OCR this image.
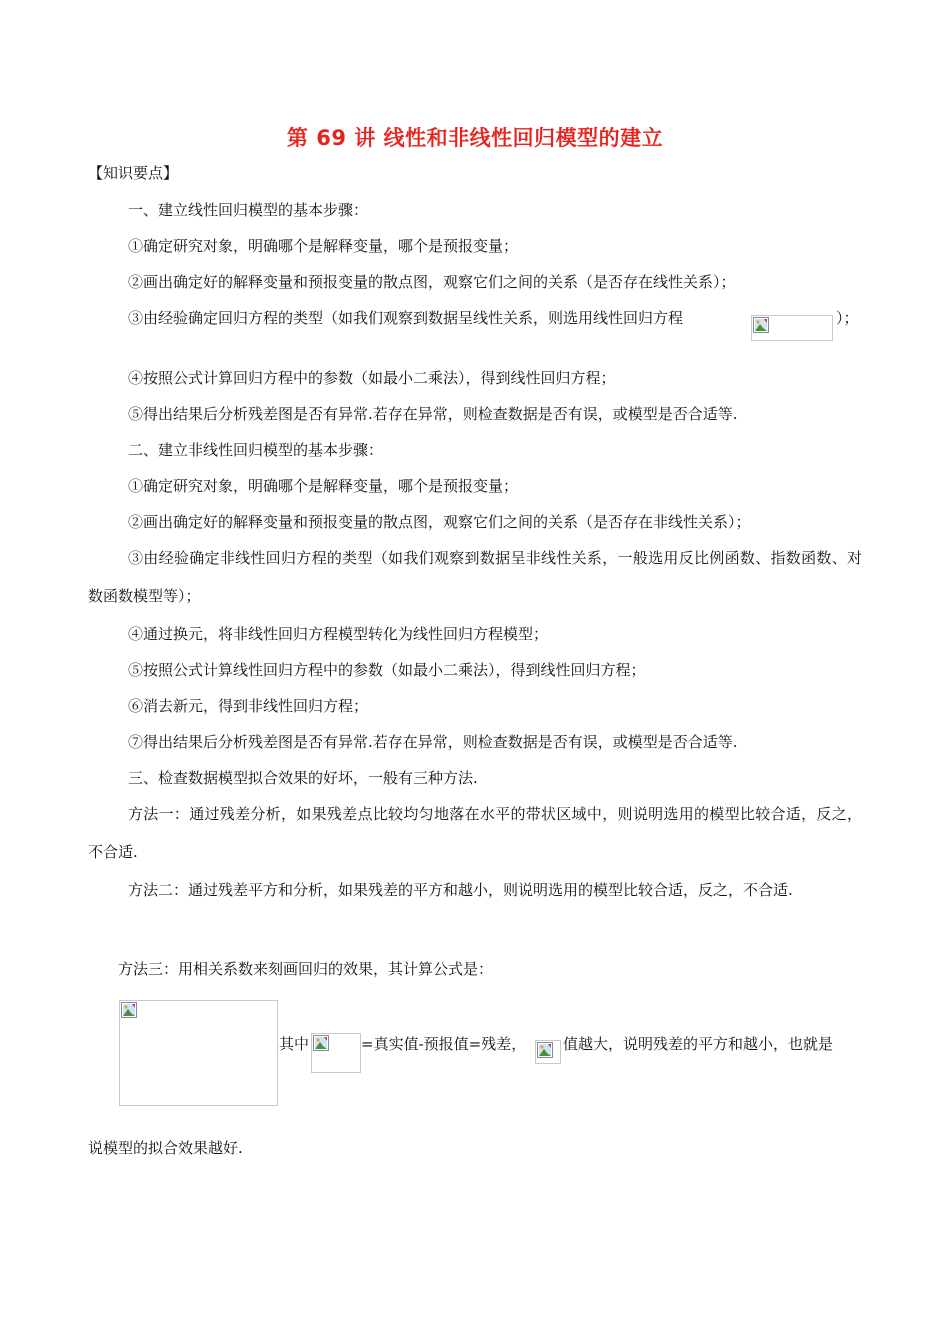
第 69 讲 线性和非线性回归模型的建立
【知识要点】
一、建立线性回归模型的基本步骤：
①确定研究对象，明确哪个是解释变量，哪个是预报变量；
②画出确定好的解释变量和预报变量的散点图，观察它们之间的关系（是否存在线性关系）；
③由经验确定回归方程的类型（如我们观察到数据呈线性关系，则选用线性回归方程	）；
④按照公式计算回归方程中的参数（如最小二乘法），得到线性回归方程；
⑤得出结果后分析残差图是否有异常.若存在异常，则检查数据是否有误，或模型是否合适等.
二、建立非线性回归模型的基本步骤：
①确定研究对象，明确哪个是解释变量，哪个是预报变量；
②画出确定好的解释变量和预报变量的散点图，观察它们之间的关系（是否存在非线性关系）；
③由经验确定非线性回归方程的类型（如我们观察到数据呈非线性关系，一般选用反比例函数、指数函数、对数函数模型等）；
④通过换元，将非线性回归方程模型转化为线性回归方程模型；
⑤按照公式计算线性回归方程中的参数（如最小二乘法），得到线性回归方程；
⑥消去新元，得到非线性回归方程；
⑦得出结果后分析残差图是否有异常.若存在异常，则检查数据是否有误，或模型是否合适等.
三、检查数据模型拟合效果的好坏，一般有三种方法.
方法一：通过残差分析，如果残差点比较均匀地落在水平的带状区域中，则说明选用的模型比较合适，反之，不合适.
方法二：通过残差平方和分析，如果残差的平方和越小，则说明选用的模型比较合适，反之，不合适.
方法三：用相关系数来刻画回归的效果，其计算公式是：
其中	=真实值-预报值=残差， 值越大，说明残差的平方和越小，也就是
说模型的拟合效果越好.
